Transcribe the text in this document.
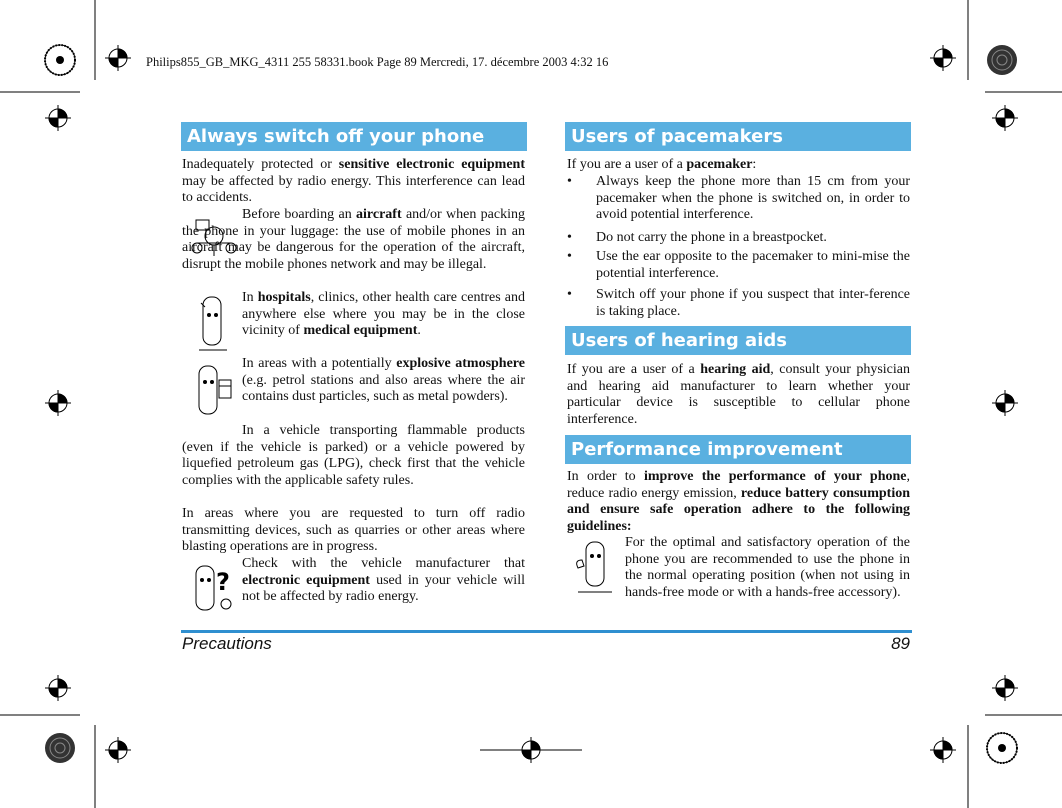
Philips855_GB_MKG_4311 255 58331.book Page 89 Mercredi, 17. décembre 2003 4:32 16
Always switch off your phone

Inadequately protected or sensitive electronic equipment may be affected by radio energy. This interference can lead to accidents.

Before boarding an aircraft and/or when packing the phone in your luggage: the use of mobile phones in an aircraft may be dangerous for the operation of the aircraft, disrupt the mobile phones network and may be illegal.

In hospitals, clinics, other health care centres and anywhere else where you may be in the close vicinity of medical equipment.

In areas with a potentially explosive atmosphere (e.g. petrol stations and also areas where the air contains dust particles, such as metal powders).

In a vehicle transporting flammable products (even if the vehicle is parked) or a vehicle powered by liquefied petroleum gas (LPG), check first that the vehicle complies with the applicable safety rules.

In areas where you are requested to turn off radio transmitting devices, such as quarries or other areas where blasting operations are in progress.

?

Check with the vehicle manufacturer that electronic equipment used in your vehicle will not be affected by radio energy.

Users of pacemakers

If you are a user of a pacemaker:

• Always keep the phone more than 15 cm from your pacemaker when the phone is switched on, in order to avoid potential interference.
• Do not carry the phone in a breastpocket.
• Use the ear opposite to the pacemaker to mini-mise the potential interference.
• Switch off your phone if you suspect that inter-ference is taking place.
Users of hearing aids

If you are a user of a hearing aid, consult your physician and hearing aid manufacturer to learn whether your particular device is susceptible to cellular phone interference.

Performance improvement

In order to improve the performance of your phone, reduce radio energy emission, reduce battery consumption and ensure safe operation adhere to the following guidelines:

For the optimal and satisfactory operation of the phone you are recommended to use the phone in the normal operating position (when not using in hands-free mode or with a hands-free accessory).

Precautions	89
